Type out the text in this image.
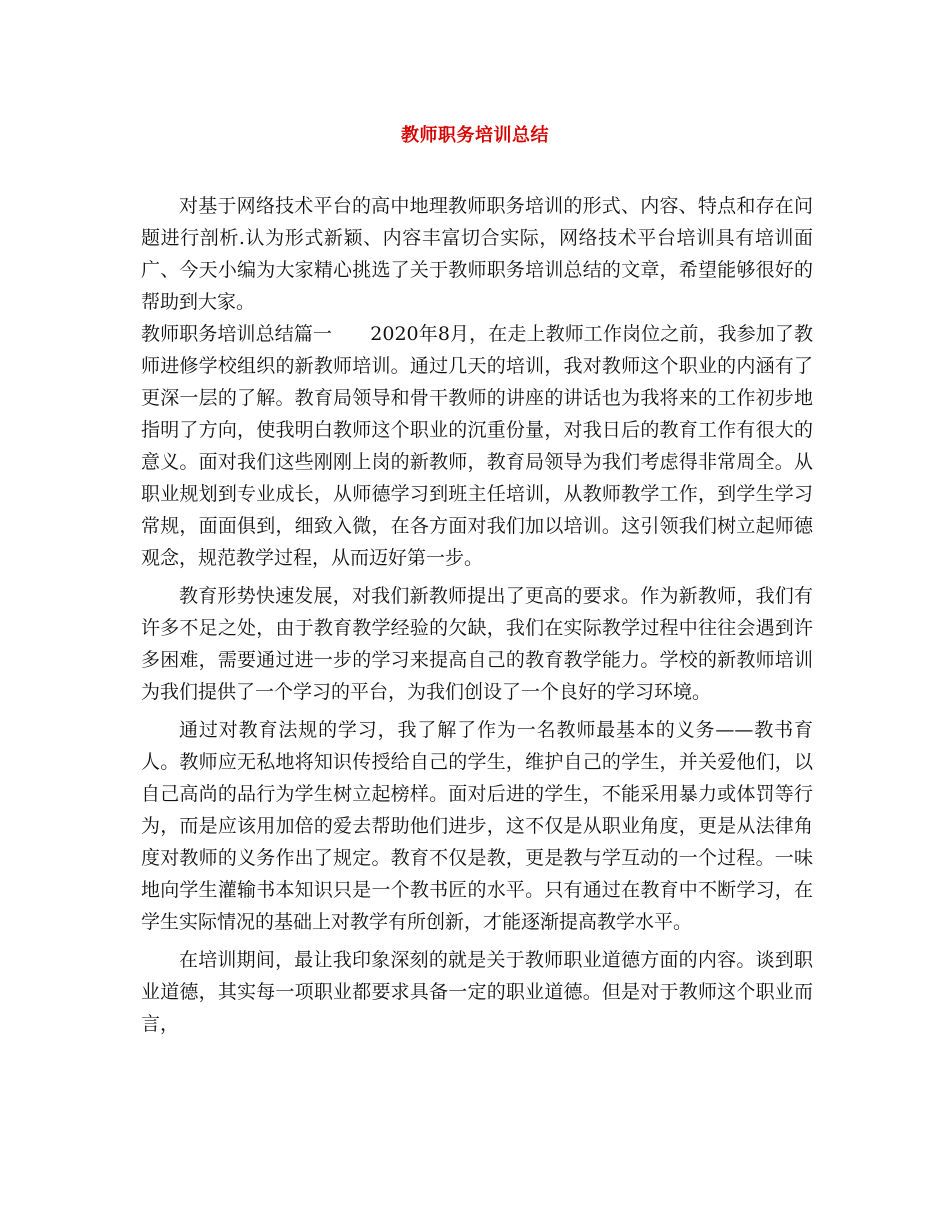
教师职务培训总结

对基于网络技术平台的高中地理教师职务培训的形式、内容、特点和存在问题进行剖析.认为形式新颖、内容丰富切合实际，网络技术平台培训具有培训面广、今天小编为大家精心挑选了关于教师职务培训总结的文章，希望能够很好的帮助到大家。

教师职务培训总结篇一　　2020年8月，在走上教师工作岗位之前，我参加了教师进修学校组织的新教师培训。通过几天的培训，我对教师这个职业的内涵有了更深一层的了解。教育局领导和骨干教师的讲座的讲话也为我将来的工作初步地指明了方向，使我明白教师这个职业的沉重份量，对我日后的教育工作有很大的意义。面对我们这些刚刚上岗的新教师，教育局领导为我们考虑得非常周全。从职业规划到专业成长，从师德学习到班主任培训，从教师教学工作，到学生学习常规，面面俱到，细致入微，在各方面对我们加以培训。这引领我们树立起师德观念，规范教学过程，从而迈好第一步。

教育形势快速发展，对我们新教师提出了更高的要求。作为新教师，我们有许多不足之处，由于教育教学经验的欠缺，我们在实际教学过程中往往会遇到许多困难，需要通过进一步的学习来提高自己的教育教学能力。学校的新教师培训为我们提供了一个学习的平台，为我们创设了一个良好的学习环境。

通过对教育法规的学习，我了解了作为一名教师最基本的义务——教书育人。教师应无私地将知识传授给自己的学生，维护自己的学生，并关爱他们，以自己高尚的品行为学生树立起榜样。面对后进的学生，不能采用暴力或体罚等行为，而是应该用加倍的爱去帮助他们进步，这不仅是从职业角度，更是从法律角度对教师的义务作出了规定。教育不仅是教，更是教与学互动的一个过程。一味地向学生灌输书本知识只是一个教书匠的水平。只有通过在教育中不断学习，在学生实际情况的基础上对教学有所创新，才能逐渐提高教学水平。

在培训期间，最让我印象深刻的就是关于教师职业道德方面的内容。谈到职业道德，其实每一项职业都要求具备一定的职业道德。但是对于教师这个职业而言，
